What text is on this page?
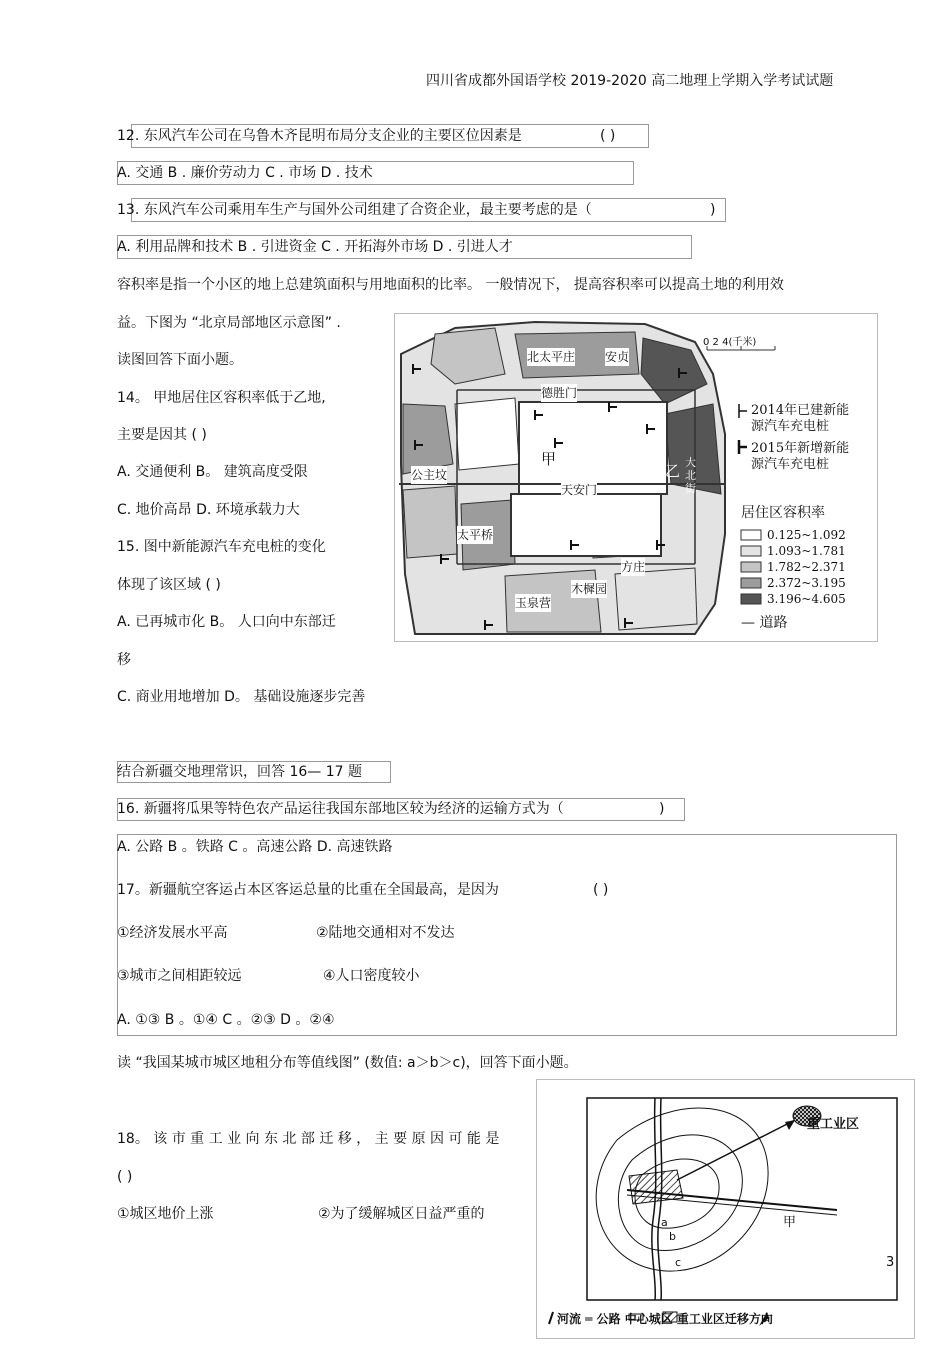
四川省成都外国语学校 2019-2020 高二地理上学期入学考试试题
12. 东风汽车公司在乌鲁木齐昆明布局分支企业的主要区位因素是	( )
A. 交通 B . 廉价劳动力 C . 市场 D . 技术
13. 东风汽车公司乘用车生产与国外公司组建了合资企业，最主要考虑的是（	)
A. 利用品牌和技术 B . 引进资金 C . 开拓海外市场 D . 引进人才
容积率是指一个小区的地上总建筑面积与用地面积的比率。 一般情况下， 提高容积率可以提高土地的利用效
益。下图为 “北京局部地区示意图” .
读图回答下面小题。
14。 甲地居住区容积率低于乙地,
主要是因其 ( )
A. 交通便利 B。 建筑高度受限
C. 地价高昂 D. 环境承载力大
15. 图中新能源汽车充电桩的变化
体现了该区域 ( )
A. 已再城市化 B。 人口向中东部迁
移
C. 商业用地增加 D。 基础设施逐步完善
北太平庄 安贞
德胜门
甲
公主坟
天安门
乙 大北街
太平桥
方庄
木樨园
玉泉营
0 2 4(千米)
2014年已建新能
源汽车充电桩
2015年新增新能
源汽车充电桩
居住区容积率
0.125~1.092
1.093~1.781
1.782~2.371
2.372~3.195
3.196~4.605
— 道路
结合新疆交地理常识，回答 16— 17 题
16. 新疆将瓜果等特色农产品运往我国东部地区较为经济的运输方式为（	)
A. 公路 B 。铁路 C 。高速公路 D. 高速铁路
17。新疆航空客运占本区客运总量的比重在全国最高，是因为	( )
①经济发展水平高	②陆地交通相对不发达
③城市之间相距较远	④人口密度较小
A. ①③ B 。①④ C 。②③ D 。②④
读 “我国某城市城区地租分布等值线图” (数值: a＞b＞c)，回答下面小题。
18。 该 市 重 工 业 向 东 北 部 迁 移 ， 主 要 原 因 可 能 是
( )
①城区地价上涨	②为了缓解城区日益严重的
重工业区
甲
a
b
c
河流 ═ 公路 中心城区 重工业区迁移方向
3
